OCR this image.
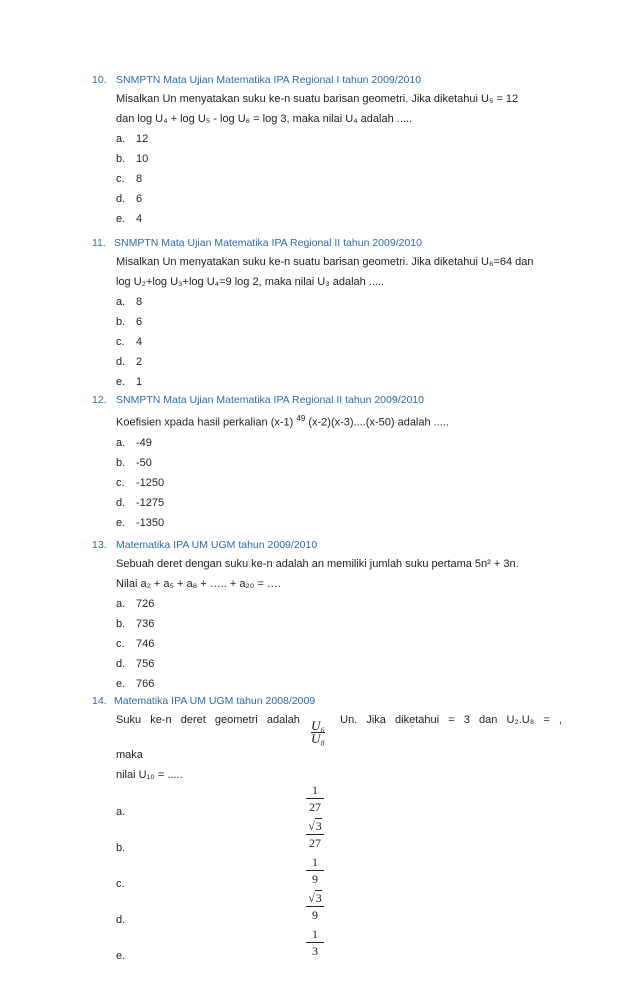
10. SNMPTN Mata Ujian Matematika IPA Regional I tahun 2009/2010
Misalkan Un menyatakan suku ke-n suatu barisan geometri. Jika diketahui U₅ = 12
dan log U₄ + log U₅ - log U₆ = log 3, maka nilai U₄ adalah .....
a. 12
b. 10
c. 8
d. 6
e. 4
11. SNMPTN Mata Ujian Matematika IPA Regional II tahun 2009/2010
Misalkan Un menyatakan suku ke-n suatu barisan geometri. Jika diketahui U₆=64 dan
log U₂+log U₃+log U₄=9 log 2, maka nilai U₃ adalah .....
a. 8
b. 6
c. 4
d. 2
e. 1
12. SNMPTN Mata Ujian Matematika IPA Regional II tahun 2009/2010
Koefisien xpada hasil perkalian (x-1) $^{49}$ (x-2)(x-3)....(x-50) adalah .....
a. -49
b. -50
c. -1250
d. -1275
e. -1350
13. Matematika IPA UM UGM tahun 2009/2010
Sebuah deret dengan suku ke-n adalah an memiliki jumlah suku pertama 5n² + 3n.
Nilai a₂ + a₅ + a₈ + ….. + a₂₀ = ….
a. 726
b. 736
c. 746
d. 756
e. 766
14. Matematika IPA UM UGM tahun 2008/2009
Suku ke-n deret geometri adalah $\frac{\text{U₆}}{\text{U₈}} Un$. Jika diketahui = 3 dan U₂.U₈ = , maka
nilai U₁₀ = .....
a.
1
27
b.
√3
27
c.
1
9
d.
√3
9
e.
1
3
